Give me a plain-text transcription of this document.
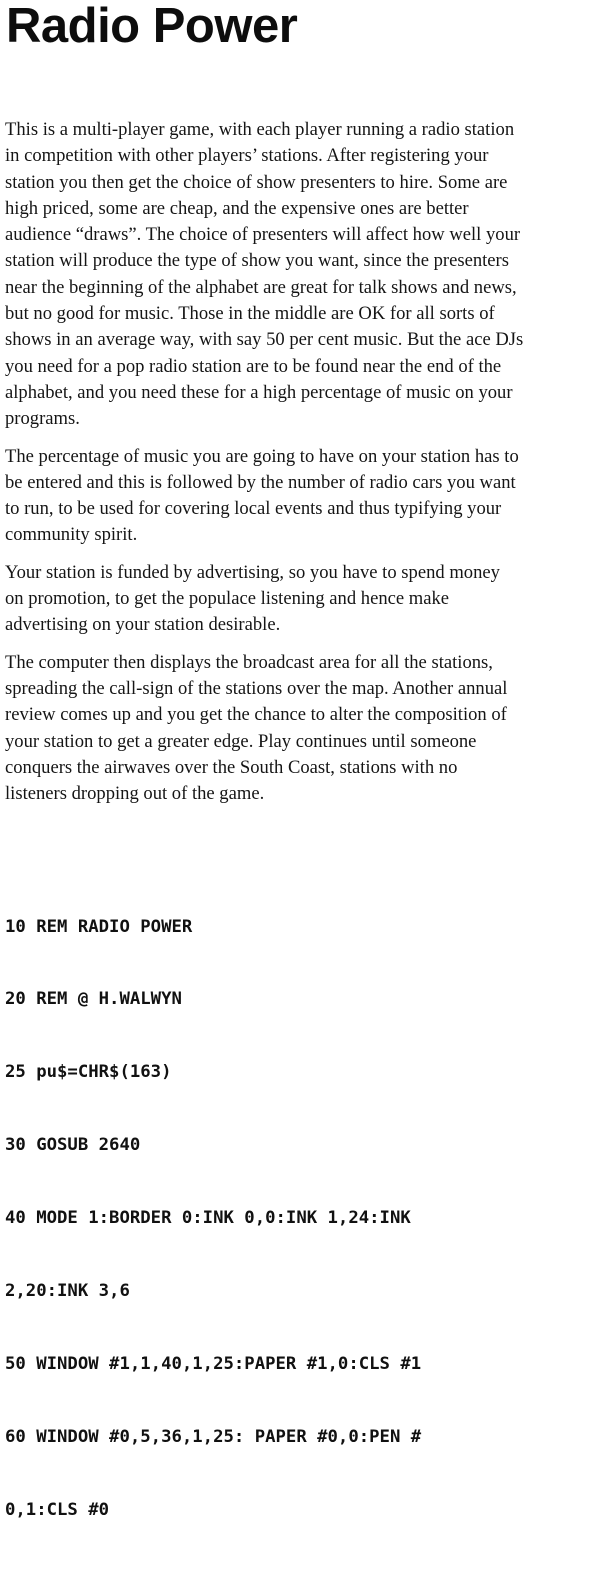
Radio Power

This is a multi-player game, with each player running a radio station
in competition with other players’ stations. After registering your
station you then get the choice of show presenters to hire. Some are
high priced, some are cheap, and the expensive ones are better
audience “draws”. The choice of presenters will affect how well your
station will produce the type of show you want, since the presenters
near the beginning of the alphabet are great for talk shows and news,
but no good for music. Those in the middle are OK for all sorts of
shows in an average way, with say 50 per cent music. But the ace DJs
you need for a pop radio station are to be found near the end of the
alphabet, and you need these for a high percentage of music on your
programs.

The percentage of music you are going to have on your station has to
be entered and this is followed by the number of radio cars you want
to run, to be used for covering local events and thus typifying your
community spirit.

Your station is funded by advertising, so you have to spend money
on promotion, to get the populace listening and hence make
advertising on your station desirable.

The computer then displays the broadcast area for all the stations,
spreading the call-sign of the stations over the map. Another annual
review comes up and you get the chance to alter the composition of
your station to get a greater edge. Play continues until someone
conquers the airwaves over the South Coast, stations with no
listeners dropping out of the game.

10 REM RADIO POWER

20 REM @ H.WALWYN

25 pu$=CHR$(163)

30 GOSUB 2640

40 MODE 1:BORDER 0:INK 0,0:INK 1,24:INK

2,20:INK 3,6

50 WINDOW #1,1,40,1,25:PAPER #1,0:CLS #1

60 WINDOW #0,5,36,1,25: PAPER #0,0:PEN #

0,1:CLS #0
